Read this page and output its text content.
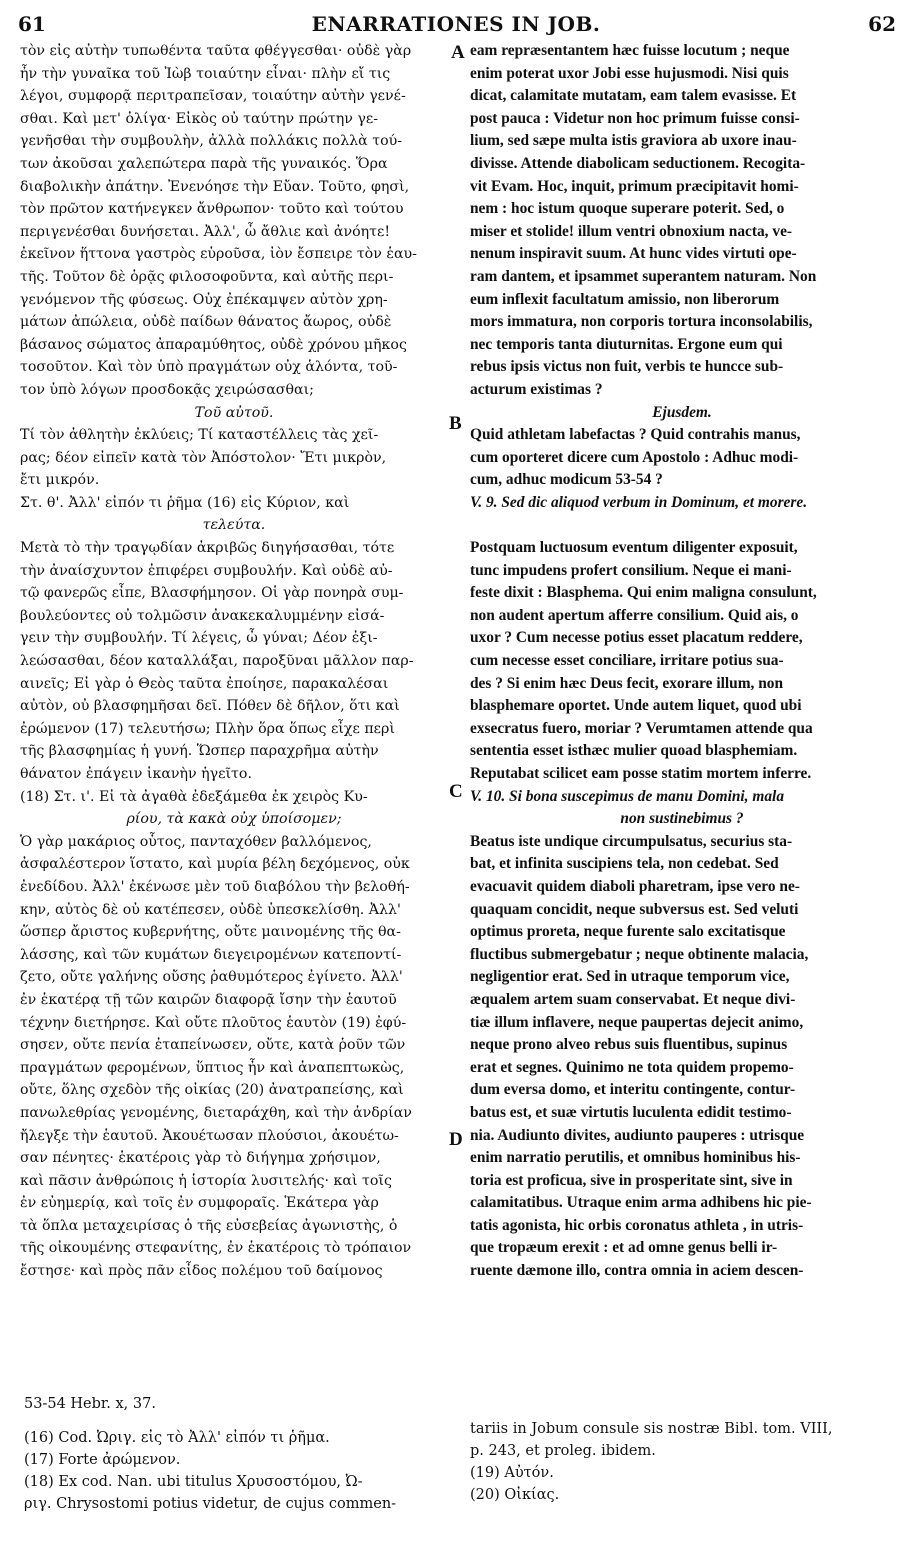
61	ENARRATIONES IN JOB.	62
τὸν εἰς αὐτὴν τυπωθέντα ταῦτα φθέγγεσθαι· οὐδὲ γὰρ
ἦν τὴν γυναῖκα τοῦ Ἰὼβ τοιαύτην εἶναι· πλὴν εἴ τις
λέγοι, συμφορᾷ περιτραπεῖσαν, τοιαύτην αὐτὴν γενέ-
σθαι. Καὶ μετ' ὀλίγα· Εἰκὸς οὐ ταύτην πρώτην γε-
γενῆσθαι τὴν συμβουλὴν, ἀλλὰ πολλάκις πολλὰ τού-
των ἀκοῦσαι χαλεπώτερα παρὰ τῆς γυναικός. Ὅρα
διαβολικὴν ἀπάτην. Ἐνενόησε τὴν Εὔαν. Τοῦτο, φησὶ,
τὸν πρῶτον κατήνεγκεν ἄνθρωπον· τοῦτο καὶ τούτου
περιγενέσθαι δυνήσεται. Ἀλλ', ὦ ἄθλιε καὶ ἀνόητε!
ἐκεῖνον ἥττονα γαστρὸς εὑροῦσα, ἰὸν ἔσπειρε τὸν ἑαυ-
τῆς. Τοῦτον δὲ ὁρᾷς φιλοσοφοῦντα, καὶ αὐτῆς περι-
γενόμενον τῆς φύσεως. Οὐχ ἐπέκαμψεν αὐτὸν χρη-
μάτων ἀπώλεια, οὐδὲ παίδων θάνατος ἄωρος, οὐδὲ
βάσανος σώματος ἀπαραμύθητος, οὐδὲ χρόνου μῆκος
τοσοῦτον. Καὶ τὸν ὑπὸ πραγμάτων οὐχ ἁλόντα, τοῦ-
τον ὑπὸ λόγων προσδοκᾷς χειρώσασθαι;
Τοῦ αὐτοῦ.
Τί τὸν ἀθλητὴν ἐκλύεις; Τί καταστέλλεις τὰς χεῖ-
ρας; δέον εἰπεῖν κατὰ τὸν Ἀπόστολον· Ἔτι μικρὸν,
ἔτι μικρόν.
Στ. θ'. Ἀλλ' εἰπόν τι ῥῆμα (16) εἰς Κύριον, καὶ
τελεύτα.
Μετὰ τὸ τὴν τραγῳδίαν ἀκριβῶς διηγήσασθαι, τότε
τὴν ἀναίσχυντον ἐπιφέρει συμβουλήν. Καὶ οὐδὲ αὐ-
τῷ φανερῶς εἶπε, Βλασφήμησον. Οἱ γὰρ πονηρὰ συμ-
βουλεύοντες οὐ τολμῶσιν ἀνακεκαλυμμένην εἰσά-
γειν τὴν συμβουλήν. Τί λέγεις, ὦ γύναι; Δέον ἐξι-
λεώσασθαι, δέον καταλλάξαι, παροξῦναι μᾶλλον παρ-
αινεῖς; Εἰ γὰρ ὁ Θεὸς ταῦτα ἐποίησε, παρακαλέσαι
αὐτὸν, οὐ βλασφημῆσαι δεῖ. Πόθεν δὲ δῆλον, ὅτι καὶ
ἐρώμενον (17) τελευτήσω; Πλὴν ὅρα ὅπως εἶχε περὶ
τῆς βλασφημίας ἡ γυνή. Ὥσπερ παραχρῆμα αὐτὴν
θάνατον ἐπάγειν ἱκανὴν ἡγεῖτο.
(18) Στ. ι'. Εἰ τὰ ἀγαθὰ ἐδεξάμεθα ἐκ χειρὸς Κυ-
ρίου, τὰ κακὰ οὐχ ὑποίσομεν;
Ὁ γὰρ μακάριος οὗτος, πανταχόθεν βαλλόμενος,
ἀσφαλέστερον ἵστατο, καὶ μυρία βέλη δεχόμενος, οὐκ
ἐνεδίδου. Ἀλλ' ἐκένωσε μὲν τοῦ διαβόλου τὴν βελοθή-
κην, αὐτὸς δὲ οὐ κατέπεσεν, οὐδὲ ὑπεσκελίσθη. Ἀλλ'
ὥσπερ ἄριστος κυβερνήτης, οὔτε μαινομένης τῆς θα-
λάσσης, καὶ τῶν κυμάτων διεγειρομένων κατεποντί-
ζετο, οὔτε γαλήνης οὔσης ῥαθυμότερος ἐγίνετο. Ἀλλ'
ἐν ἑκατέρᾳ τῇ τῶν καιρῶν διαφορᾷ ἴσην τὴν ἑαυτοῦ
τέχνην διετήρησε. Καὶ οὔτε πλοῦτος ἑαυτὸν (19) ἐφύ-
σησεν, οὔτε πενία ἐταπείνωσεν, οὔτε, κατὰ ῥοῦν τῶν
πραγμάτων φερομένων, ὕπτιος ἦν καὶ ἀναπεπτωκὼς,
οὔτε, ὅλης σχεδὸν τῆς οἰκίας (20) ἀνατραπείσης, καὶ
πανωλεθρίας γενομένης, διεταράχθη, καὶ τὴν ἀνδρίαν
ἤλεγξε τὴν ἑαυτοῦ. Ἀκουέτωσαν πλούσιοι, ἀκουέτω-
σαν πένητες· ἑκατέροις γὰρ τὸ διήγημα χρήσιμον,
καὶ πᾶσιν ἀνθρώποις ἡ ἱστορία λυσιτελής· καὶ τοῖς
ἐν εὐημερίᾳ, καὶ τοῖς ἐν συμφοραῖς. Ἑκάτερα γὰρ
τὰ ὅπλα μεταχειρίσας ὁ τῆς εὐσεβείας ἀγωνιστὴς, ὁ
τῆς οἰκουμένης στεφανίτης, ἐν ἑκατέροις τὸ τρόπαιον
ἔστησε· καὶ πρὸς πᾶν εἶδος πολέμου τοῦ δαίμονος
eam repræsentantem hæc fuisse locutum ; neque
enim poterat uxor Jobi esse hujusmodi. Nisi quis
dicat, calamitate mutatam, eam talem evasisse. Et
post pauca : Videtur non hoc primum fuisse consi-
lium, sed sæpe multa istis graviora ab uxore inau-
divisse. Attende diabolicam seductionem. Recogita-
vit Evam. Hoc, inquit, primum præcipitavit homi-
nem : hoc istum quoque superare poterit. Sed, o
miser et stolide! illum ventri obnoxium nacta, ve-
nenum inspiravit suum. At hunc vides virtuti ope-
ram dantem, et ipsammet superantem naturam. Non
eum inflexit facultatum amissio, non liberorum
mors immatura, non corporis tortura inconsolabilis,
nec temporis tanta diuturnitas. Ergone eum qui
rebus ipsis victus non fuit, verbis te huncce sub-
acturum existimas ?
Ejusdem.
Quid athletam labefactas ? Quid contrahis manus,
cum oporteret dicere cum Apostolo : Adhuc modi-
cum, adhuc modicum 53-54 ?
V. 9. Sed dic aliquod verbum in Dominum, et morere.
Postquam luctuosum eventum diligenter exposuit,
tunc impudens profert consilium. Neque ei mani-
feste dixit : Blasphema. Qui enim maligna consulunt,
non audent apertum afferre consilium. Quid ais, o
uxor ? Cum necesse potius esset placatum reddere,
cum necesse esset conciliare, irritare potius sua-
des ? Si enim hæc Deus fecit, exorare illum, non
blasphemare oportet. Unde autem liquet, quod ubi
exsecratus fuero, moriar ? Verumtamen attende qua
sententia esset isthæc mulier quoad blasphemiam.
Reputabat scilicet eam posse statim mortem inferre.
V. 10. Si bona suscepimus de manu Domini, mala
non sustinebimus ?
Beatus iste undique circumpulsatus, securius sta-
bat, et infinita suscipiens tela, non cedebat. Sed
evacuavit quidem diaboli pharetram, ipse vero ne-
quaquam concidit, neque subversus est. Sed veluti
optimus proreta, neque furente salo excitatisque
fluctibus submergebatur ; neque obtinente malacia,
negligentior erat. Sed in utraque temporum vice,
æqualem artem suam conservabat. Et neque divi-
tiæ illum inflavere, neque paupertas dejecit animo,
neque prono alveo rebus suis fluentibus, supinus
erat et segnes. Quinimo ne tota quidem propemo-
dum eversa domo, et interitu contingente, contur-
batus est, et suæ virtutis luculenta edidit testimo-
nia. Audiunto divites, audiunto pauperes : utrisque
enim narratio perutilis, et omnibus hominibus his-
toria est proficua, sive in prosperitate sint, sive in
calamitatibus. Utraque enim arma adhibens hic pie-
tatis agonista, hic orbis coronatus athleta , in utris-
que tropæum erexit : et ad omne genus belli ir-
ruente dæmone illo, contra omnia in aciem descen-
A
B
C
D
53-54 Hebr. x, 37.
(16) Cod. Ὠριγ. εἰς τὸ Ἀλλ' εἰπόν τι ῥῆμα.
(17) Forte ἀρώμενον.
(18) Ex cod. Nan. ubi titulus Χρυσοστόμου, Ὠ-
ριγ. Chrysostomi potius videtur, de cujus commen-
tariis in Jobum consule sis nostræ Bibl. tom. VIII,
p. 243, et proleg. ibidem.
(19) Αὐτόν.
(20) Οἰκίας.
